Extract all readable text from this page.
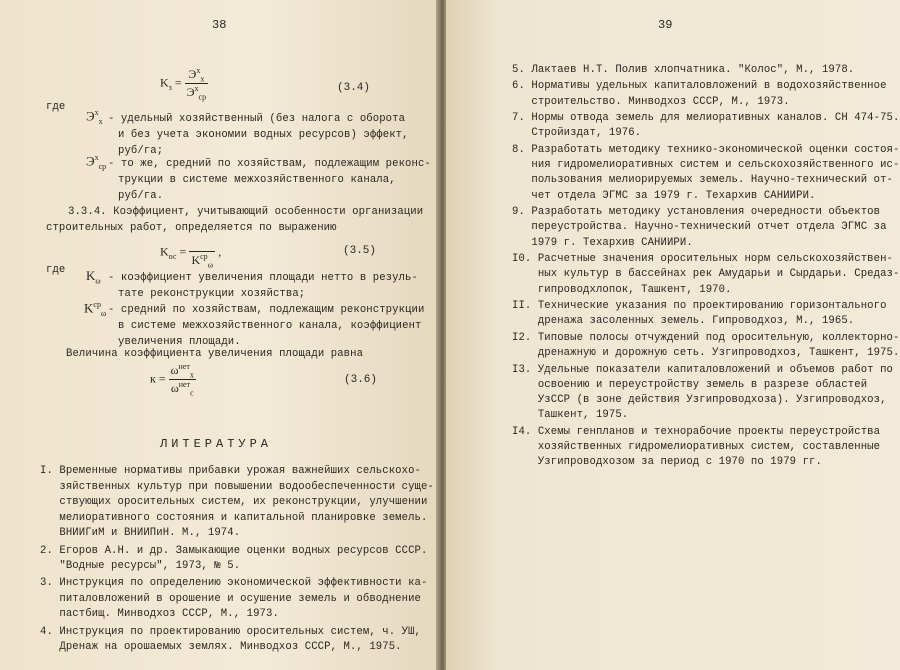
38
$K_з = \frac{Э^х_х}{Э^х_{ср}}$	(3.4)
где
$Э^х_х$ - удельный хозяйственный (без налога с оборота
и без учета экономии водных ресурсов) эффект,
руб/га;
$Э^х_{ср}$ - то же, средний по хозяйствам, подлежащим реконс-
трукции в системе межхозяйственного канала,
руб/га.
3.3.4. Коэффициент, учитывающий особенности организации
строительных работ, определяется по выражению
$K_{ос}$ =

$K^{ср}_\omega$
,	(3.5)
где $K_\omega$ - коэффициент увеличения площади нетто в резуль-
тате реконструкции хозяйства;
$K^{ср}_\omega$ - средний по хозяйствам, подлежащим реконструкции
в системе межхозяйственного канала, коэффициент
увеличения площади.
Величина коэффициента увеличения площади равна
$к = \frac{\omega^{нет}_х}{\omega^{нет}_с}$	(3.6)
ЛИТЕРАТУРА
I. Временные нормативы прибавки урожая важнейших сельскохо-
зяйственных культур при повышении водообеспеченности суще-
ствующих оросительных систем, их реконструкции, улучшении
мелиоративного состояния и капитальной планировке земель.
ВНИИГиМ и ВНИИПиН. М., 1974.
2. Егоров А.Н. и др. Замыкающие оценки водных ресурсов СССР.
"Водные ресурсы", 1973, № 5.
3. Инструкция по определению экономической эффективности ка-
питаловложений в орошение и осушение земель и обводнение
пастбищ. Минводхоз СССР, М., 1973.
4. Инструкция по проектированию оросительных систем, ч. УШ,
Дренаж на орошаемых землях. Минводхоз СССР, М., 1975.
39
5. Лактаев Н.Т. Полив хлопчатника. "Колос", М., 1978.
6. Нормативы удельных капиталовложений в водохозяйственное
строительство. Минводхоз СССР, М., 1973.
7. Нормы отвода земель для мелиоративных каналов. СН 474-75.
Стройиздат, 1976.
8. Разработать методику технико-экономической оценки состоя-
ния гидромелиоративных систем и сельскохозяйственного ис-
пользования мелиорируемых земель. Научно-технический от-
чет отдела ЭГМС за 1979 г. Техархив САНИИРИ.
9. Разработать методику установления очередности объектов
переустройства. Научно-технический отчет отдела ЭГМС за
1979 г. Техархив САНИИРИ.
I0. Расчетные значения оросительных норм сельскохозяйствен-
ных культур в бассейнах рек Амударьи и Сырдарьи. Средаз-
гипроводхлопок, Ташкент, 1970.
II. Технические указания по проектированию горизонтального
дренажа засоленных земель. Гипроводхоз, М., 1965.
I2. Типовые полосы отчуждений под оросительную, коллекторно-
дренажную и дорожную сеть. Узгипроводхоз, Ташкент, 1975.
I3. Удельные показатели капиталовложений и объемов работ по
освоению и переустройству земель в разрезе областей
УзССР (в зоне действия Узгипроводхоза). Узгипроводхоз,
Ташкент, 1975.
I4. Схемы генпланов и технорабочие проекты переустройства
хозяйственных гидромелиоративных систем, составленные
Узгипроводхозом за период с 1970 по 1979 гг.
